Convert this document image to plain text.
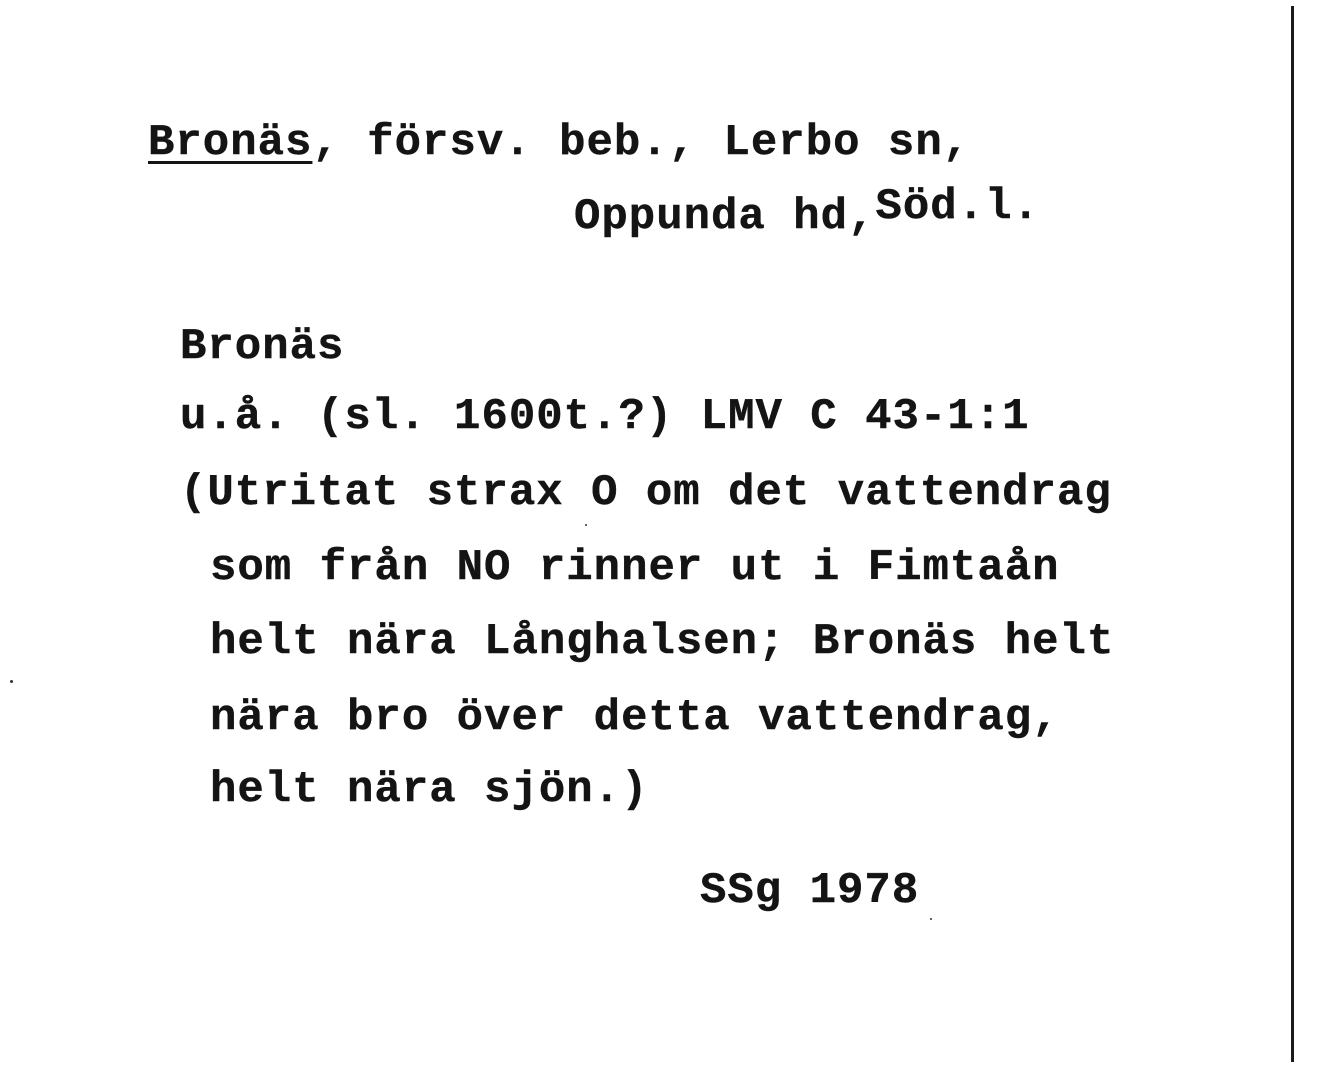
Bronäs, försv. beb., Lerbo sn,
Oppunda hd,Söd.l.
Bronäs
u.å. (sl. 1600t.?) LMV C 43-1:1
(Utritat strax O om det vattendrag
som från NO rinner ut i Fimtaån
helt nära Långhalsen; Bronäs helt
nära bro över detta vattendrag,
helt nära sjön.)
SSg 1978
